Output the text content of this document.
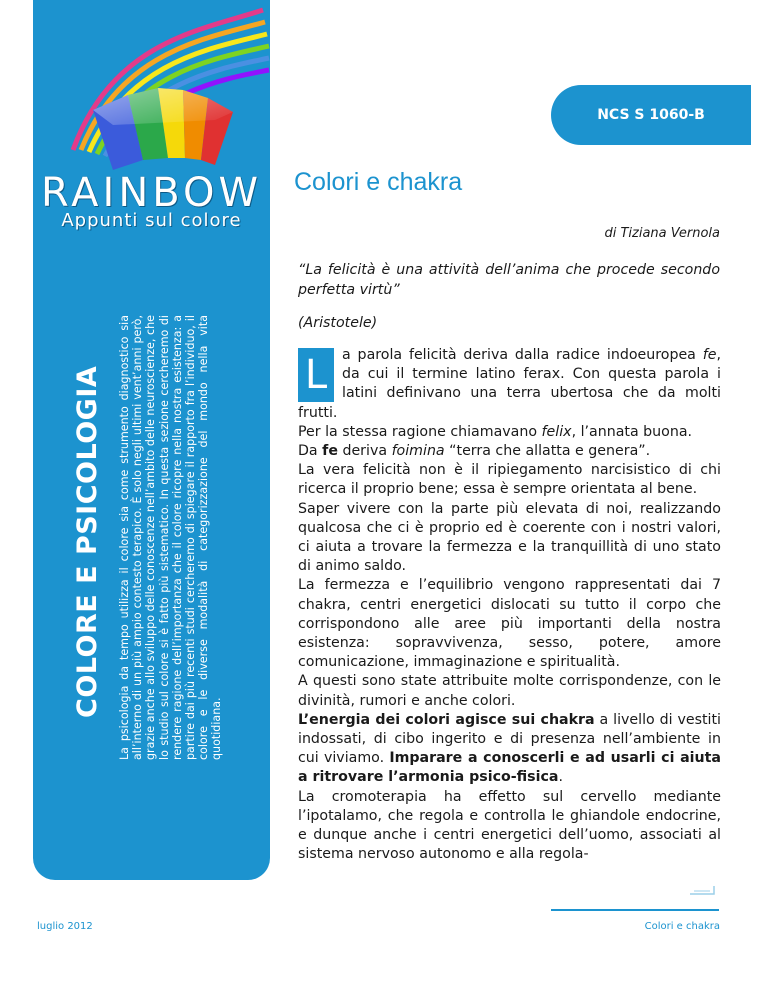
RAINBOW
Appunti sul colore
COLORE E PSICOLOGIA La psicologia da tempo utilizza il colore sia come strumento diagnostico sia all’interno di un più ampio contesto terapico. È solo negli ultimi vent’anni però, grazie anche allo sviluppo delle conoscenze nell’ambito delle neuroscienze, che lo studio sul colore si è fatto più sistematico. In questa sezione cercheremo di rendere ragione dell’importanza che il colore ricopre nella nostra esistenza: a partire dai più recenti studi cercheremo di spiegare il rapporto fra l’individuo, il colore e le diverse modalità di categorizzazione del mondo nella vita quotidiana.
NCS S 1060-B
Colori e chakra
di Tiziana Vernola
“La felicità è una attività dell’anima che procede secondo perfetta virtù”
(Aristotele)
L	a parola felicità deriva dalla radice indoeuropea fe, da cui il termine latino ferax. Con questa parola i latini definivano una terra ubertosa che da molti frutti.

Per la stessa ragione chiamavano felix, l’annata buona.

Da fe deriva foimina “terra che allatta e genera”.

La vera felicità non è il ripiegamento narcisistico di chi ricerca il proprio bene; essa è sempre orientata al bene.

Saper vivere con la parte più elevata di noi, realizzando qualcosa che ci è proprio ed è coerente con i nostri valori, ci aiuta a trovare la fermezza e la tranquillità di uno stato di animo saldo.

La fermezza e l’equilibrio vengono rappresentati dai 7 chakra, centri energetici dislocati su tutto il corpo che corrispondono alle aree più importanti della nostra esistenza: sopravvivenza, sesso, potere, amore comunicazione, immaginazione e spiritualità.

A questi sono state attribuite molte corrispondenze, con le divinità, rumori e anche colori.

L’energia dei colori agisce sui chakra a livello di vestiti indossati, di cibo ingerito e di presenza nell’ambiente in cui viviamo. Imparare a conoscerli e ad usarli ci aiuta a ritrovare l’armonia psico-fisica.

La cromoterapia ha effetto sul cervello mediante l’ipotalamo, che regola e controlla le ghiandole endocrine, e dunque anche i centri energetici dell’uomo, associati al sistema nervoso autonomo e alla regola-

luglio 2012	Colori e chakra
